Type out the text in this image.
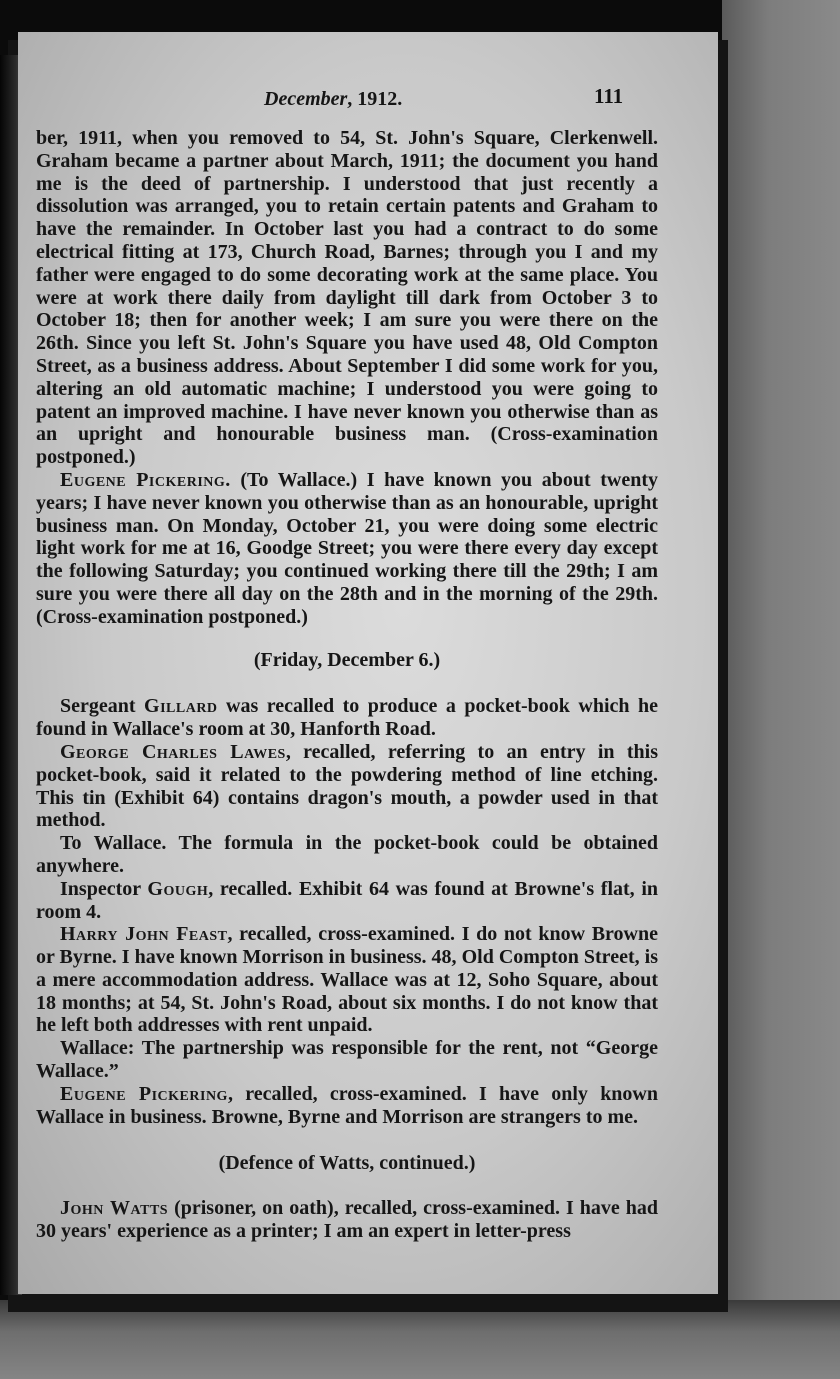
December, 1912.	111

ber, 1911, when you removed to 54, St. John's Square, Clerkenwell. Graham became a partner about March, 1911; the document you hand me is the deed of partnership. I understood that just recently a dissolution was arranged, you to retain certain patents and Graham to have the remainder. In October last you had a contract to do some electrical fitting at 173, Church Road, Barnes; through you I and my father were engaged to do some decorating work at the same place. You were at work there daily from daylight till dark from October 3 to October 18; then for another week; I am sure you were there on the 26th. Since you left St. John's Square you have used 48, Old Compton Street, as a business address. About September I did some work for you, altering an old automatic machine; I understood you were going to patent an improved machine. I have never known you otherwise than as an upright and honourable business man. (Cross-examination postponed.)

Eugene Pickering. (To Wallace.) I have known you about twenty years; I have never known you otherwise than as an honourable, upright business man. On Monday, October 21, you were doing some electric light work for me at 16, Goodge Street; you were there every day except the following Saturday; you continued working there till the 29th; I am sure you were there all day on the 28th and in the morning of the 29th. (Cross-examination postponed.)

(Friday, December 6.)

Sergeant Gillard was recalled to produce a pocket-book which he found in Wallace's room at 30, Hanforth Road.

George Charles Lawes, recalled, referring to an entry in this pocket-book, said it related to the powdering method of line etching. This tin (Exhibit 64) contains dragon's mouth, a powder used in that method.

To Wallace. The formula in the pocket-book could be obtained anywhere.

Inspector Gough, recalled. Exhibit 64 was found at Browne's flat, in room 4.

Harry John Feast, recalled, cross-examined. I do not know Browne or Byrne. I have known Morrison in business. 48, Old Compton Street, is a mere accommodation address. Wallace was at 12, Soho Square, about 18 months; at 54, St. John's Road, about six months. I do not know that he left both addresses with rent unpaid.

Wallace: The partnership was responsible for the rent, not “George Wallace.”

Eugene Pickering, recalled, cross-examined. I have only known Wallace in business. Browne, Byrne and Morrison are strangers to me.

(Defence of Watts, continued.)

John Watts (prisoner, on oath), recalled, cross-examined. I have had 30 years' experience as a printer; I am an expert in letter-press
